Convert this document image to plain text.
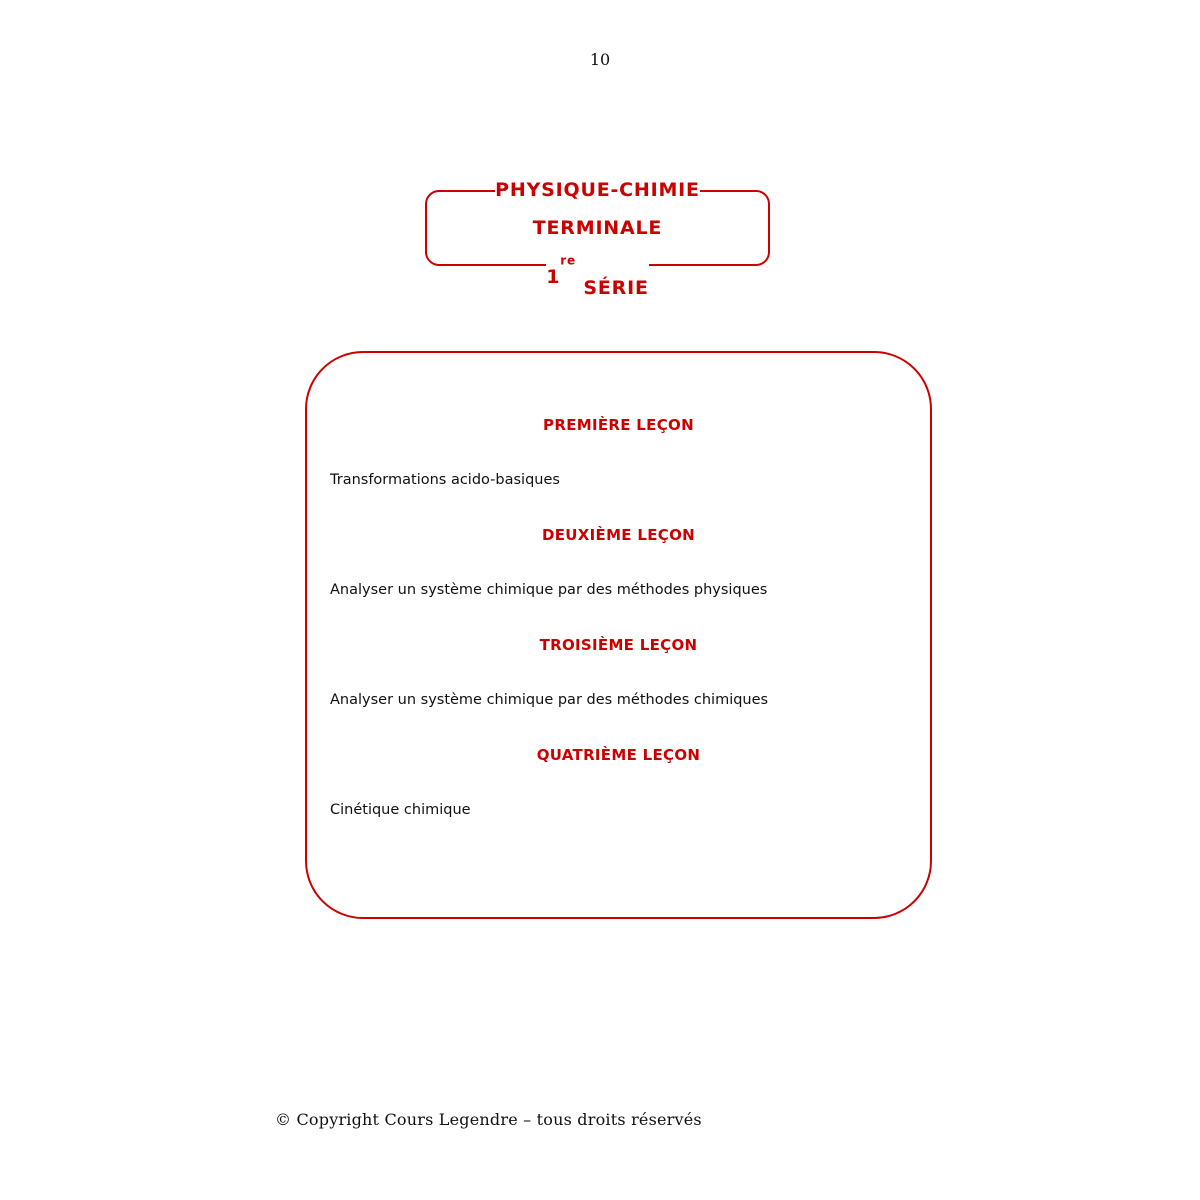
10
PHYSIQUE-CHIMIE
TERMINALE
1re SÉRIE
PREMIÈRE LEÇON
Transformations acido-basiques
DEUXIÈME LEÇON
Analyser un système chimique par des méthodes physiques
TROISIÈME LEÇON
Analyser un système chimique par des méthodes chimiques
QUATRIÈME LEÇON
Cinétique chimique
© Copyright Cours Legendre – tous droits réservés
